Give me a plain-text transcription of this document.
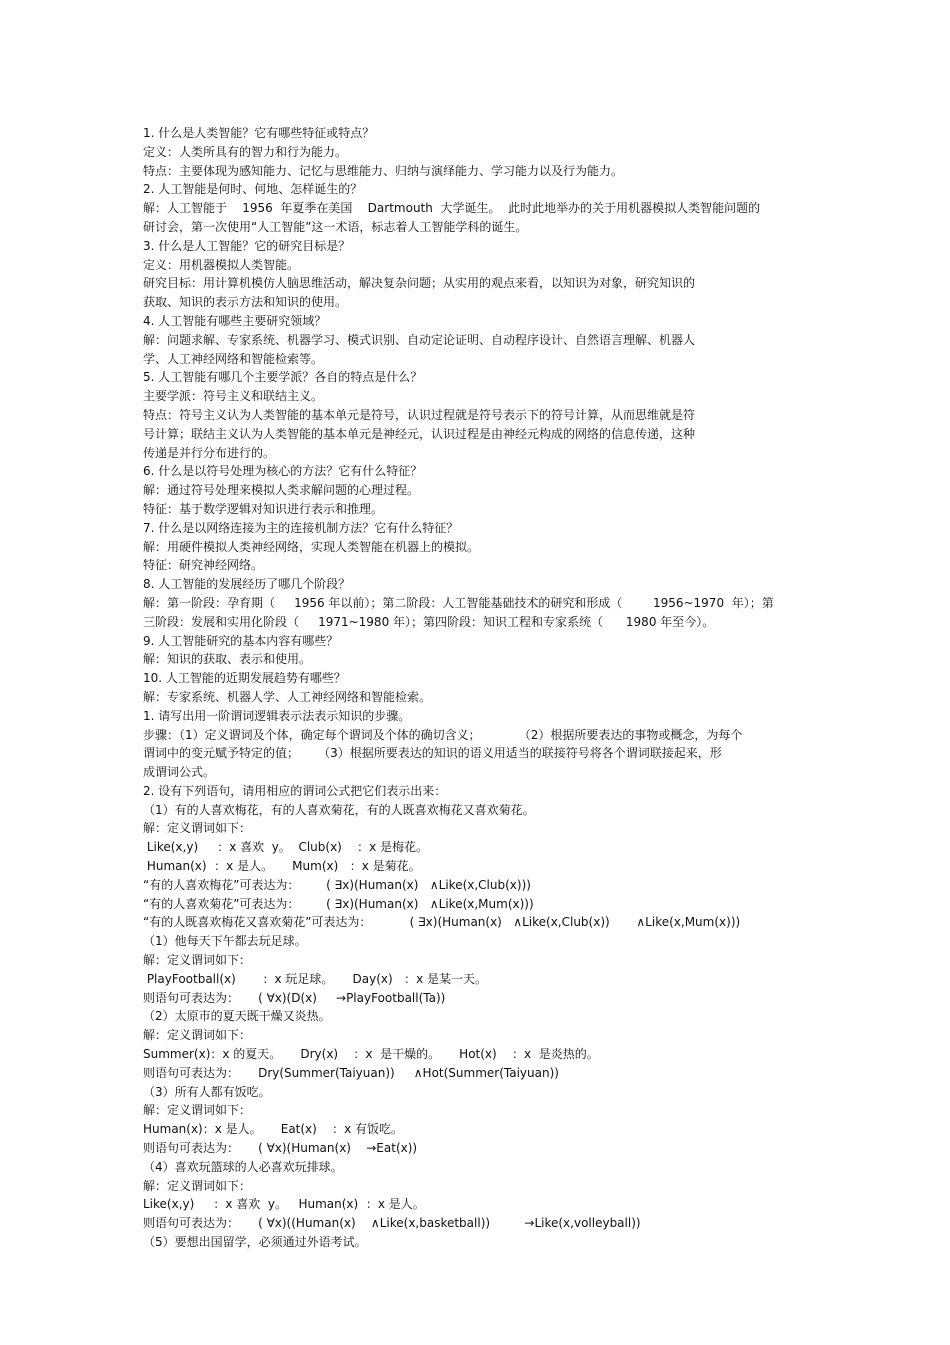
1. 什么是人类智能？它有哪些特征或特点？
定义：人类所具有的智力和行为能力。
特点：主要体现为感知能力、记忆与思维能力、归纳与演绎能力、学习能力以及行为能力。
2. 人工智能是何时、何地、怎样诞生的？
解：人工智能于    1956  年夏季在美国    Dartmouth  大学诞生。  此时此地举办的关于用机器模拟人类智能问题的
研讨会，第一次使用“人工智能”这一术语，标志着人工智能学科的诞生。
3. 什么是人工智能？它的研究目标是？
定义：用机器模拟人类智能。
研究目标：用计算机模仿人脑思维活动，解决复杂问题；从实用的观点来看，以知识为对象，研究知识的
获取、知识的表示方法和知识的使用。
4. 人工智能有哪些主要研究领域？
解：问题求解、专家系统、机器学习、模式识别、自动定论证明、自动程序设计、自然语言理解、机器人
学、人工神经网络和智能检索等。
5. 人工智能有哪几个主要学派？各自的特点是什么？
主要学派：符号主义和联结主义。
特点：符号主义认为人类智能的基本单元是符号，认识过程就是符号表示下的符号计算，从而思维就是符
号计算；联结主义认为人类智能的基本单元是神经元，认识过程是由神经元构成的网络的信息传递，这种
传递是并行分布进行的。
6. 什么是以符号处理为核心的方法？它有什么特征？
解：通过符号处理来模拟人类求解问题的心理过程。
特征：基于数学逻辑对知识进行表示和推理。
7. 什么是以网络连接为主的连接机制方法？它有什么特征？
解：用硬件模拟人类神经网络，实现人类智能在机器上的模拟。
特征：研究神经网络。
8. 人工智能的发展经历了哪几个阶段？
解：第一阶段：孕育期（     1956 年以前）；第二阶段：人工智能基础技术的研究和形成（        1956~1970  年）；第
三阶段：发展和实用化阶段（     1971~1980 年）；第四阶段：知识工程和专家系统（      1980 年至今）。
9. 人工智能研究的基本内容有哪些？
解：知识的获取、表示和使用。
10. 人工智能的近期发展趋势有哪些？
解：专家系统、机器人学、人工神经网络和智能检索。
1. 请写出用一阶谓词逻辑表示法表示知识的步骤。
步骤：（1）定义谓词及个体，确定每个谓词及个体的确切含义；          （2）根据所要表达的事物或概念，为每个
谓词中的变元赋予特定的值；     （3）根据所要表达的知识的语义用适当的联接符号将各个谓词联接起来，形
成谓词公式。
2. 设有下列语句，请用相应的谓词公式把它们表示出来：
（1）有的人喜欢梅花，有的人喜欢菊花，有的人既喜欢梅花又喜欢菊花。
解：定义谓词如下：
Like(x,y)     ：x 喜欢  y。  Club(x)    ：x 是梅花。
Human(x)  ：x 是人。     Mum(x)   ：x 是菊花。
“有的人喜欢梅花”可表达为：       ( ∃x)(Human(x)   ∧Like(x,Club(x)))
“有的人喜欢菊花”可表达为：       ( ∃x)(Human(x)   ∧Like(x,Mum(x)))
“有的人既喜欢梅花又喜欢菊花”可表达为：          ( ∃x)(Human(x)   ∧Like(x,Club(x))       ∧Like(x,Mum(x)))
（1）他每天下午都去玩足球。
解：定义谓词如下：
PlayFootball(x)       ：x 玩足球。     Day(x)   ：x 是某一天。
则语句可表达为：     ( ∀x)(D(x)     →PlayFootball(Ta))
（2）太原市的夏天既干燥又炎热。
解：定义谓词如下：
Summer(x)：x 的夏天。     Dry(x)    ：x  是干燥的。     Hot(x)    ：x  是炎热的。
则语句可表达为：     Dry(Summer(Taiyuan))     ∧Hot(Summer(Taiyuan))
（3）所有人都有饭吃。
解：定义谓词如下：
Human(x)：x 是人。     Eat(x)    ：x 有饭吃。
则语句可表达为：     ( ∀x)(Human(x)    →Eat(x))
（4）喜欢玩篮球的人必喜欢玩排球。
解：定义谓词如下：
Like(x,y)     ：x 喜欢  y。   Human(x)  ：x 是人。
则语句可表达为：     ( ∀x)((Human(x)    ∧Like(x,basketball))         →Like(x,volleyball))
（5）要想出国留学，必须通过外语考试。
